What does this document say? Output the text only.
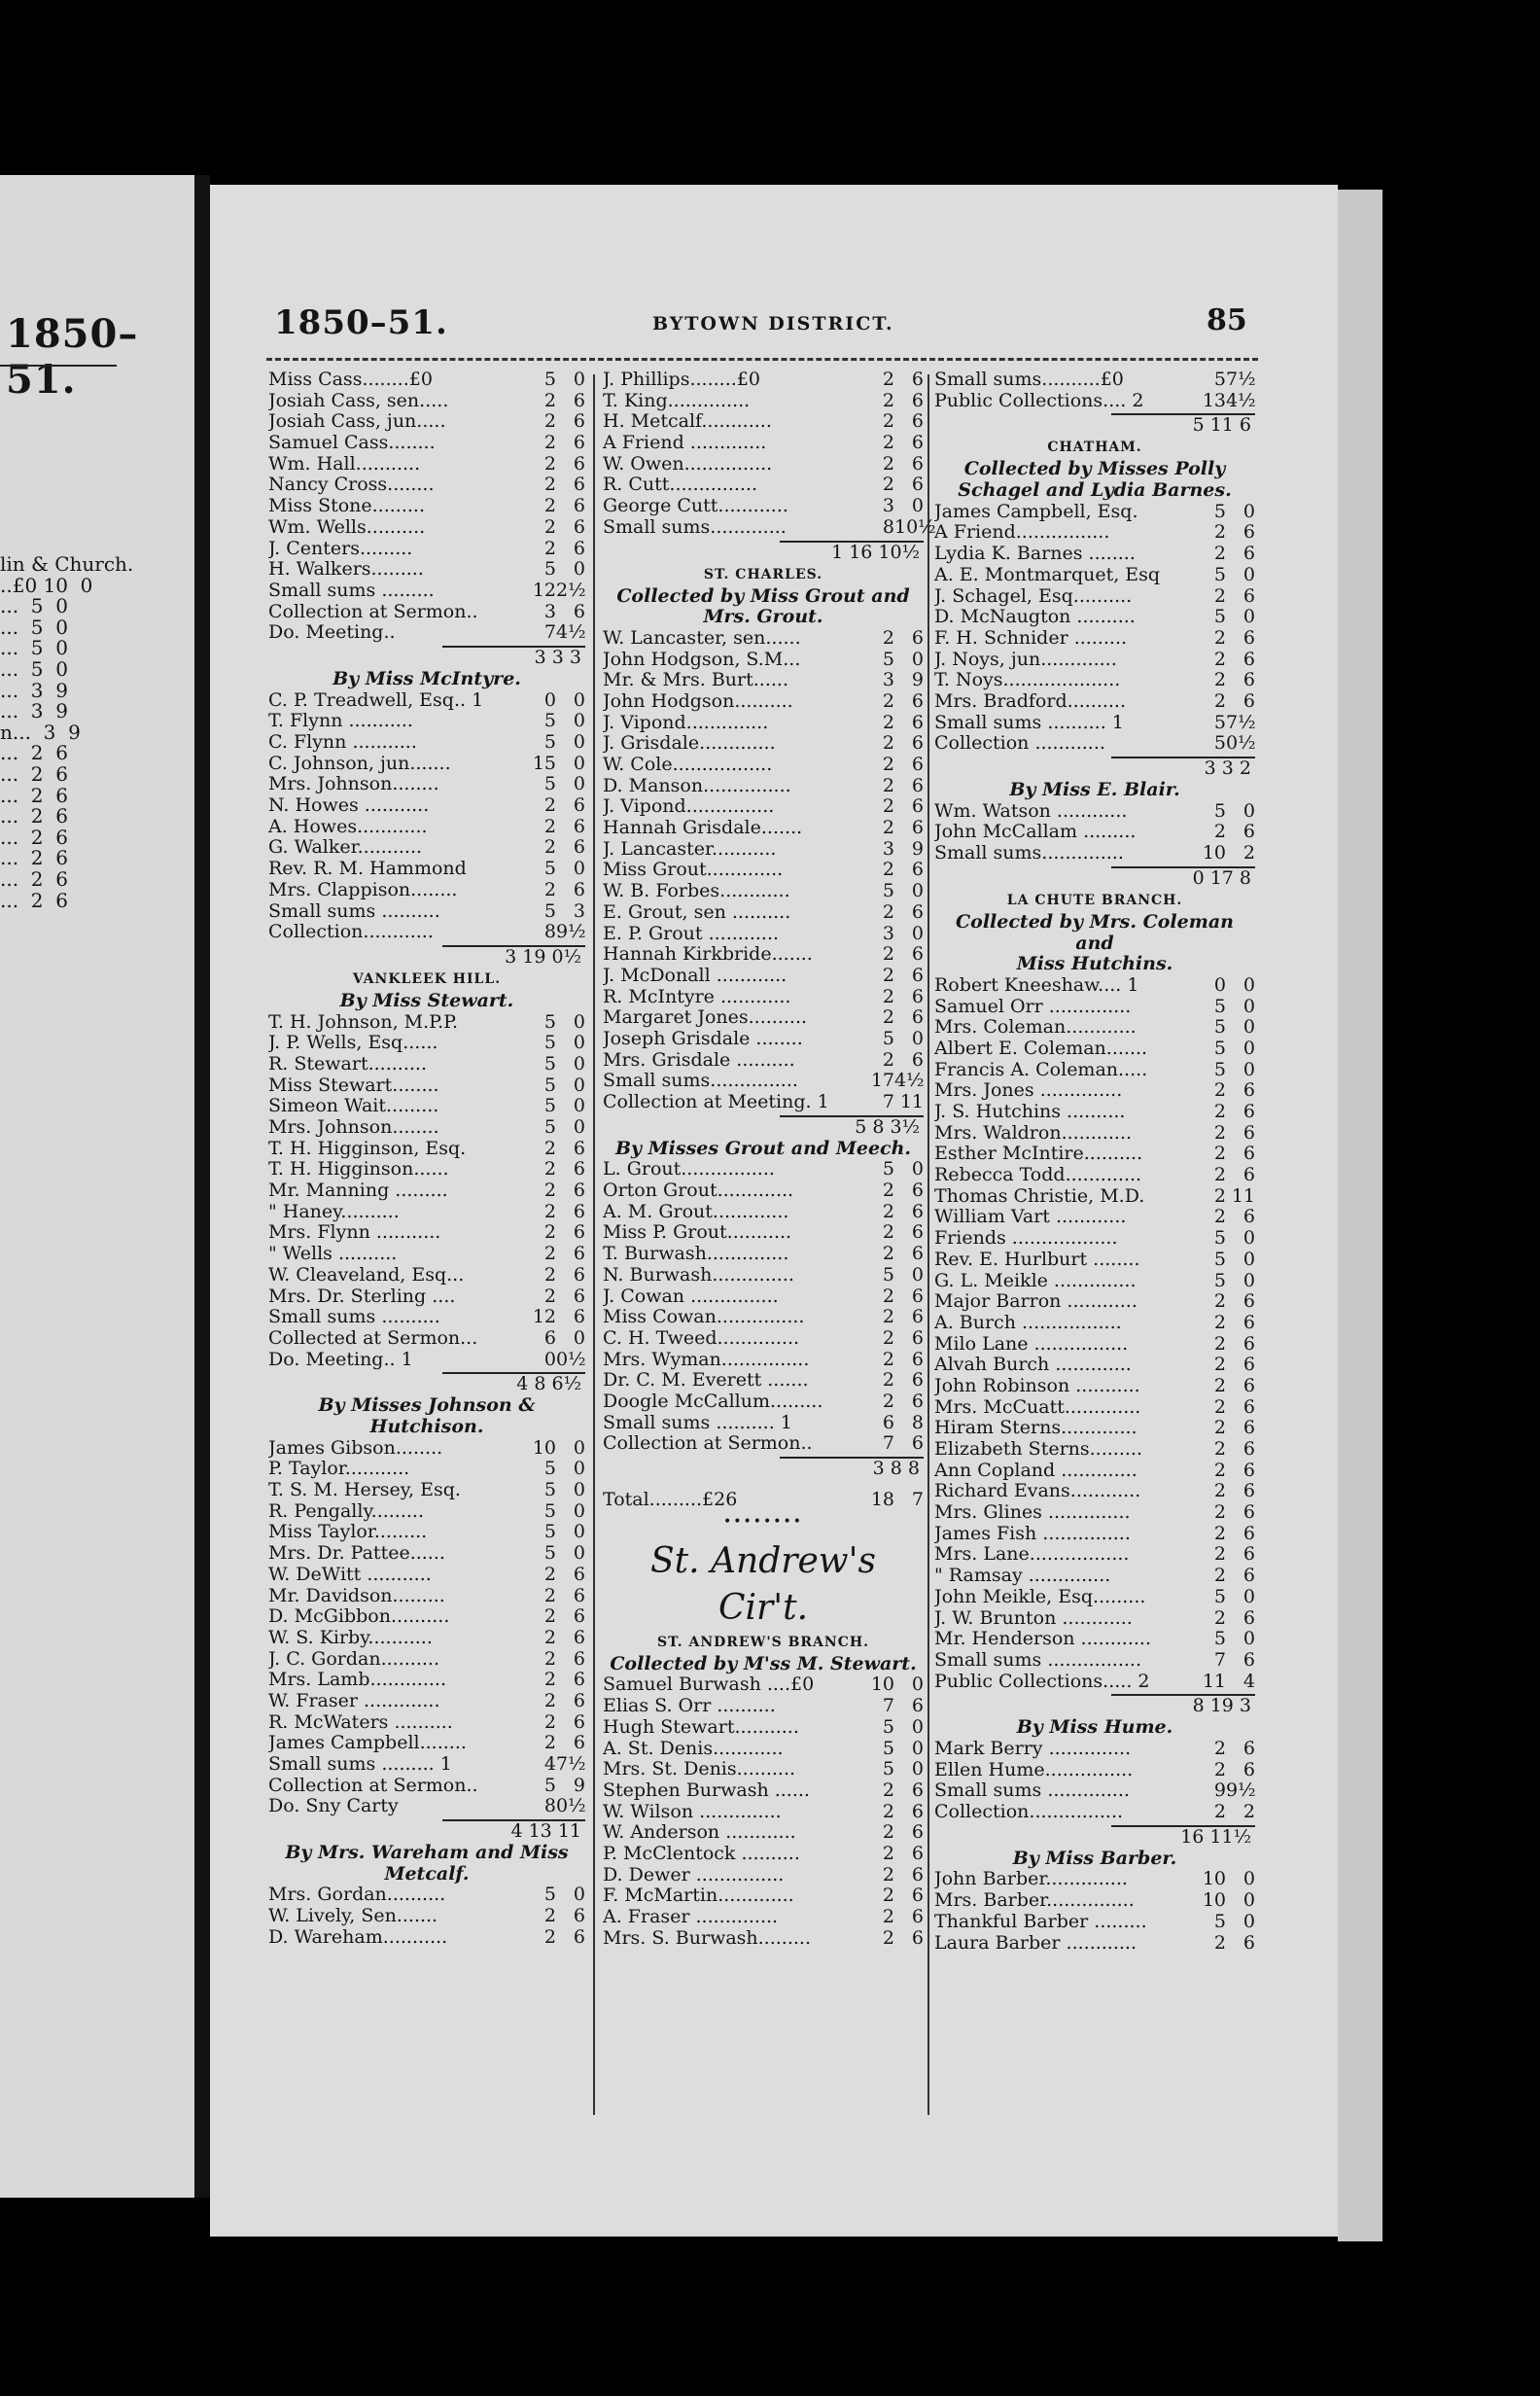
1850–51.
lin & Church.
..£0 10  0
...  5  0
...  5  0
...  5  0
...  5  0
...  3  9
...  3  9
n...  3  9
...  2  6
...  2  6
...  2  6
...  2  6
...  2  6
...  2  6
...  2  6
...  2  6
1850–51.	BYTOWN DISTRICT.	85
Miss Cass........£0	5 0
Josiah Cass, sen.....	2 6
Josiah Cass, jun.....	2 6
Samuel Cass........	2 6
Wm. Hall...........	2 6
Nancy Cross........	2 6
Miss Stone.........	2 6
Wm. Wells..........	2 6
J. Centers.........	2 6
H. Walkers.........	5 0
Small sums .........	12 2½
Collection at Sermon..	3 6
Do. Meeting..	7 4½
3 3 3
By Miss McIntyre.
C. P. Treadwell, Esq.. 1	0 0
T. Flynn ...........	5 0
C. Flynn ...........	5 0
C. Johnson, jun.......	15 0
Mrs. Johnson........	5 0
N. Howes ...........	2 6
A. Howes............	2 6
G. Walker...........	2 6
Rev. R. M. Hammond	5 0
Mrs. Clappison........	2 6
Small sums ..........	5 3
Collection............	8 9½
3 19 0½
VANKLEEK HILL.
By Miss Stewart.
T. H. Johnson, M.P.P.	5 0
J. P. Wells, Esq......	5 0
R. Stewart..........	5 0
Miss Stewart........	5 0
Simeon Wait.........	5 0
Mrs. Johnson........	5 0
T. H. Higginson, Esq.	2 6
T. H. Higginson......	2 6
Mr. Manning .........	2 6
" Haney..........	2 6
Mrs. Flynn ...........	2 6
" Wells ..........	2 6
W. Cleaveland, Esq...	2 6
Mrs. Dr. Sterling ....	2 6
Small sums ..........	12 6
Collected at Sermon...	6 0
Do. Meeting.. 1	0 0½
4 8 6½
By Misses Johnson & Hutchison.
James Gibson........	10 0
P. Taylor...........	5 0
T. S. M. Hersey, Esq.	5 0
R. Pengally.........	5 0
Miss Taylor.........	5 0
Mrs. Dr. Pattee......	5 0
W. DeWitt ...........	2 6
Mr. Davidson.........	2 6
D. McGibbon..........	2 6
W. S. Kirby...........	2 6
J. C. Gordan..........	2 6
Mrs. Lamb.............	2 6
W. Fraser .............	2 6
R. McWaters ..........	2 6
James Campbell........	2 6
Small sums ......... 1	4 7½
Collection at Sermon..	5 9
Do. Sny Carty	8 0½
4 13 11
By Mrs. Wareham and Miss
Metcalf.
Mrs. Gordan..........	5 0
W. Lively, Sen.......	2 6
D. Wareham...........	2 6
J. Phillips........£0	2 6
T. King..............	2 6
H. Metcalf............	2 6
A Friend .............	2 6
W. Owen...............	2 6
R. Cutt...............	2 6
George Cutt............	3 0
Small sums.............	8 10½
1 16 10½
ST. CHARLES.
Collected by Miss Grout and
Mrs. Grout.
W. Lancaster, sen......	2 6
John Hodgson, S.M...	5 0
Mr. & Mrs. Burt......	3 9
John Hodgson..........	2 6
J. Vipond..............	2 6
J. Grisdale.............	2 6
W. Cole.................	2 6
D. Manson...............	2 6
J. Vipond...............	2 6
Hannah Grisdale.......	2 6
J. Lancaster...........	3 9
Miss Grout.............	2 6
W. B. Forbes............	5 0
E. Grout, sen ..........	2 6
E. P. Grout ............	3 0
Hannah Kirkbride.......	2 6
J. McDonall ............	2 6
R. McIntyre ............	2 6
Margaret Jones..........	2 6
Joseph Grisdale ........	5 0
Mrs. Grisdale ..........	2 6
Small sums...............	17 4½
Collection at Meeting. 1	7 11
5 8 3½
By Misses Grout and Meech.
L. Grout................	5 0
Orton Grout.............	2 6
A. M. Grout.............	2 6
Miss P. Grout...........	2 6
T. Burwash..............	2 6
N. Burwash..............	5 0
J. Cowan ...............	2 6
Miss Cowan...............	2 6
C. H. Tweed..............	2 6
Mrs. Wyman...............	2 6
Dr. C. M. Everett .......	2 6
Doogle McCallum.........	2 6
Small sums .......... 1	6 8
Collection at Sermon..	7 6
3 8 8
Total.........£26	18 7
••••••••
St. Andrew's Cir't.
ST. ANDREW'S BRANCH.
Collected by M'ss M. Stewart.
Samuel Burwash ....£0	10 0
Elias S. Orr ..........	7 6
Hugh Stewart...........	5 0
A. St. Denis............	5 0
Mrs. St. Denis..........	5 0
Stephen Burwash ......	2 6
W. Wilson ..............	2 6
W. Anderson ............	2 6
P. McClentock ..........	2 6
D. Dewer ...............	2 6
F. McMartin.............	2 6
A. Fraser ..............	2 6
Mrs. S. Burwash.........	2 6
Small sums..........£0	5 7½
Public Collections.... 2	13 4½
5 11 6
CHATHAM.
Collected by Misses Polly
Schagel and Lydia Barnes.
James Campbell, Esq.	5 0
A Friend................	2 6
Lydia K. Barnes ........	2 6
A. E. Montmarquet, Esq	5 0
J. Schagel, Esq..........	2 6
D. McNaugton ..........	5 0
F. H. Schnider .........	2 6
J. Noys, jun.............	2 6
T. Noys....................	2 6
Mrs. Bradford..........	2 6
Small sums .......... 1	5 7½
Collection ............	5 0½
3 3 2
By Miss E. Blair.
Wm. Watson ............	5 0
John McCallam .........	2 6
Small sums..............	10 2
0 17 8
LA CHUTE BRANCH.
Collected by Mrs. Coleman and
Miss Hutchins.
Robert Kneeshaw.... 1	0 0
Samuel Orr ..............	5 0
Mrs. Coleman............	5 0
Albert E. Coleman.......	5 0
Francis A. Coleman.....	5 0
Mrs. Jones ..............	2 6
J. S. Hutchins ..........	2 6
Mrs. Waldron............	2 6
Esther McIntire..........	2 6
Rebecca Todd.............	2 6
Thomas Christie, M.D.	2 11
William Vart ............	2 6
Friends ..................	5 0
Rev. E. Hurlburt ........	5 0
G. L. Meikle ..............	5 0
Major Barron ............	2 6
A. Burch .................	2 6
Milo Lane ................	2 6
Alvah Burch .............	2 6
John Robinson ...........	2 6
Mrs. McCuatt.............	2 6
Hiram Sterns.............	2 6
Elizabeth Sterns.........	2 6
Ann Copland .............	2 6
Richard Evans............	2 6
Mrs. Glines ..............	2 6
James Fish ...............	2 6
Mrs. Lane.................	2 6
" Ramsay ..............	2 6
John Meikle, Esq.........	5 0
J. W. Brunton ............	2 6
Mr. Henderson ............	5 0
Small sums ................	7 6
Public Collections..... 2	11 4
8 19 3
By Miss Hume.
Mark Berry ..............	2 6
Ellen Hume...............	2 6
Small sums ..............	9 9½
Collection................	2 2
16 11½
By Miss Barber.
John Barber..............	10 0
Mrs. Barber...............	10 0
Thankful Barber .........	5 0
Laura Barber ............	2 6
